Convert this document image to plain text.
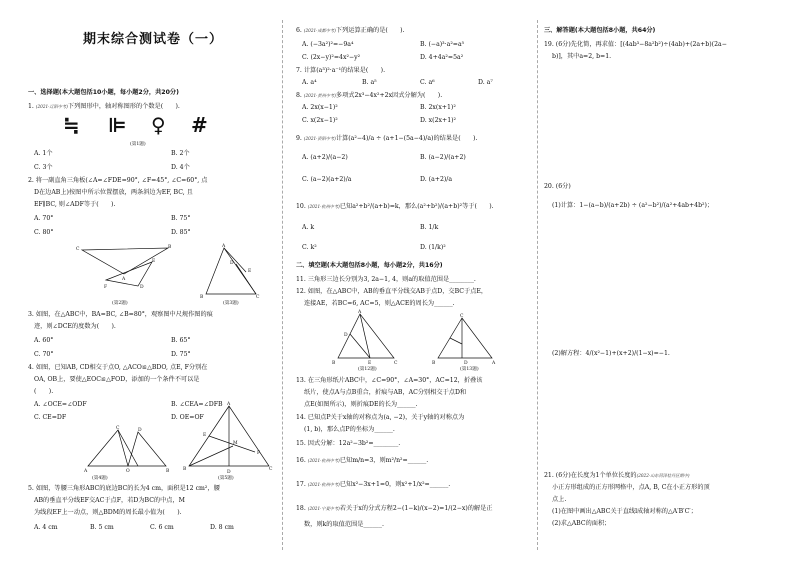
期末综合测试卷（一）
一、选择题(本大题包括10小题，每小题2分，共20分)
1. (2021·辽阳中考)下列图形中，轴对称图形的个数是(　　).
≒ ⊫ ♀ #
(第1题)
A. 1个	B. 2个
C. 3个	D. 4个
2. 将一副直角三角板(∠A=∠FDE=90°, ∠F=45°, ∠C=60°, 点
D在边AB上)按图中所示位置摆放，两条斜边为EF, BC, 且
EF∥BC, 则∠ADF等于(　　).
A. 70°	B. 75°
C. 80°	D. 85°
C	B
A
E
F	D
(第2题)
A
B	C
E
D
(第3题)
3. 如图，在△ABC中，BA=BC, ∠B=80°，观察图中尺规作图的痕
迹，则∠DCE的度数为(　　).
A. 60°	B. 65°
C. 70°	D. 75°
4. 如图，已知AB, CD相交于点O, △ACO≌△BDO, 点E, F分别在
OA, OB上，要使△EOC≌△FOD，添加的一个条件不可以是
(　　).
A. ∠OCE=∠ODF	B. ∠CEA=∠DFB
C. CE=DF	D. OE=OF
A
C
O	B
D
(第4题)
A
B	C
D
E
F
M
(第5题)
5. 如图，等腰三角形ABC的底边BC的长为4 cm，面积是12 cm²，腰
AB的垂直平分线EF交AC于点F，若D为BC的中点，M
为线段EF上一动点，则△BDM的周长最小值为(　　).
A. 4 cm	B. 5 cm	C. 6 cm	D. 8 cm
6. (2021·成都中考)下列运算正确的是(　　).
A. (−3a²)²=−9a⁴	B. (−a)³·a²=a⁵
C. (2x−y)²=4x²−y²	D. 4+4a²=5a²
7. 计算(a³)²·a⁻¹的结果是(　　).
A. a⁴	B. a⁵	C. a⁶	D. a⁷
8. (2021·贺州中考)多项式2x³−4x²+2x因式分解为(　　).
A. 2x(x−1)²	B. 2x(x+1)²
C. x(2x−1)²	D. x(2x+1)²
9. (2021·资阳中考)计算(a²−4)/a ÷ (a+1−(5a−4)/a)的结果是(　　).
A. (a+2)/(a−2)	B. (a−2)/(a+2)
C. (a−2)(a+2)/a	D. (a+2)/a
10. (2021·杭州中考)已知a²+b²/(a+b)=k，那么(a²+b²)/(a+b)²等于(　　).
A. k	B. 1/k
C. k²	D. (1/k)²
二、填空题(本大题包括8小题，每小题2分，共16分)
11. 三角形三边长分别为3, 2a−1, 4，则a的取值范围是________.
12. 如图，在△ABC中，AB的垂直平分线交AB于点D，交BC于点E，
连接AE，若BC=6, AC=5，则△ACE的周长为______.
A
B	C
D
E
(第12题)
C
B	A
D
(第13题)
13. 在三角形纸片ABC中，∠C=90°，∠A=30°，AC=12，折叠该
纸片，使点A与点B重合，折痕与AB，AC分别相交于点D和
点E(如图所示)，则折痕DE的长为______.
14. 已知点P关于x轴的对称点为(a, −2)，关于y轴的对称点为
(1, b)，那么点P的坐标为______.
15. 因式分解：12a²−3b²=________.
16. (2021·杭州中考)已知m/n=3，则m²/n²=______.
17. (2021·杭州中考)已知x²−3x+1=0，则x²+1/x²=______.
18. (2021·宁夏中考)若关于x的分式方程2−(1−k)/(x−2)=1/(2−x)的解是正
数，则k的取值范围是______.
三、解答题(本大题包括8小题，共64分)
19. (6分)先化简，再求值：[(4ab³−8a²b²)÷(4ab)+(2a+b)(2a−
b)]，其中a=2, b=1.
20. (6分)
(1)计算：1−(a−b)/(a+2b) ÷ (a²−b²)/(a²+4ab+4b²)；
(2)解方程：4/(x²−1)+(x+2)/(1−x)=−1.
21. (6分)在长度为1个单位长度的(2022·山东菏泽牡丹区期中)
小正方形组成的正方形网格中，点A, B, C在小正方形的顶
点上.
(1)在图中画出△ABC关于直线l成轴对称的△A′B′C′；
(2)求△ABC的面积；
